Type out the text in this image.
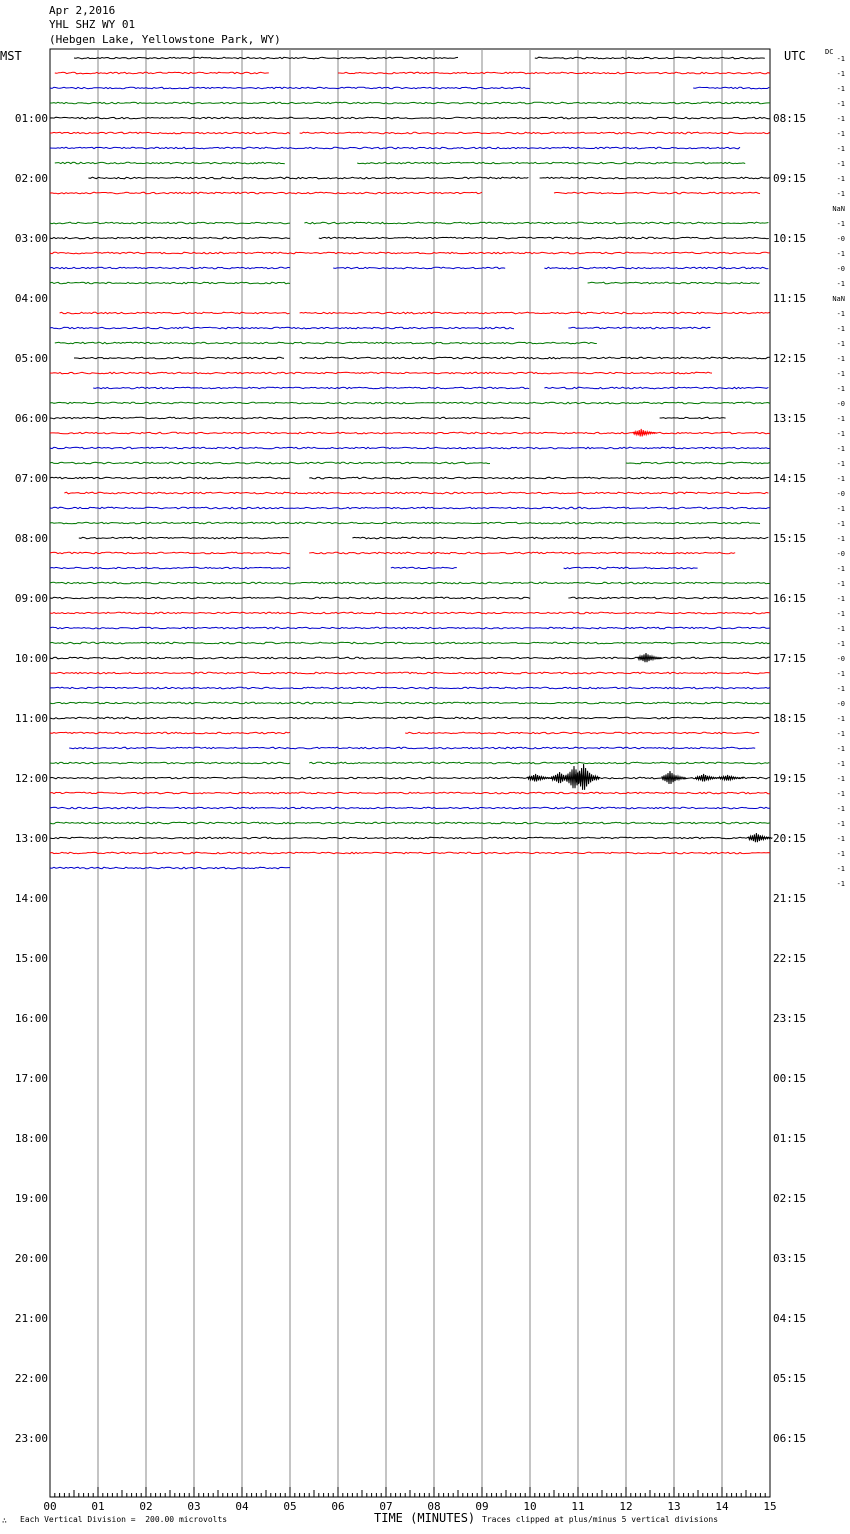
Apr 2,2016
YHL SHZ WY 01
(Hebgen Lake, Yellowstone Park, WY)
MST	UTC	DC
TIME (MINUTES)
Each Vertical Division =  200.00 microvolts	Traces clipped at plus/minus 5 vertical divisions
∴
01:00
02:00
03:00
04:00
05:00
06:00
07:00
08:00
09:00
10:00
11:00
12:00
13:00
14:00
15:00
16:00
17:00
18:00
19:00
20:00
21:00
22:00
23:00
08:15
09:15
10:15
11:15
12:15
13:15
14:15
15:15
16:15
17:15
18:15
19:15
20:15
21:15
22:15
23:15
00:15
01:15
02:15
03:15
04:15
05:15
06:15
-1
-1
-1
-1
-1
-1
-1
-1
-1
-1
NaN
-1
-0
-1
-0
-1
NaN
-1
-1
-1
-1
-1
-1
-0
-1
-1
-1
-1
-1
-0
-1
-1
-1
-0
-1
-1
-1
-1
-1
-1
-0
-1
-1
-0
-1
-1
-1
-1
-1
-1
-1
-1
-1
-1
-1
-1
00	01	02	03	04	05	06	07	08	09	10	11	12	13	14	15
